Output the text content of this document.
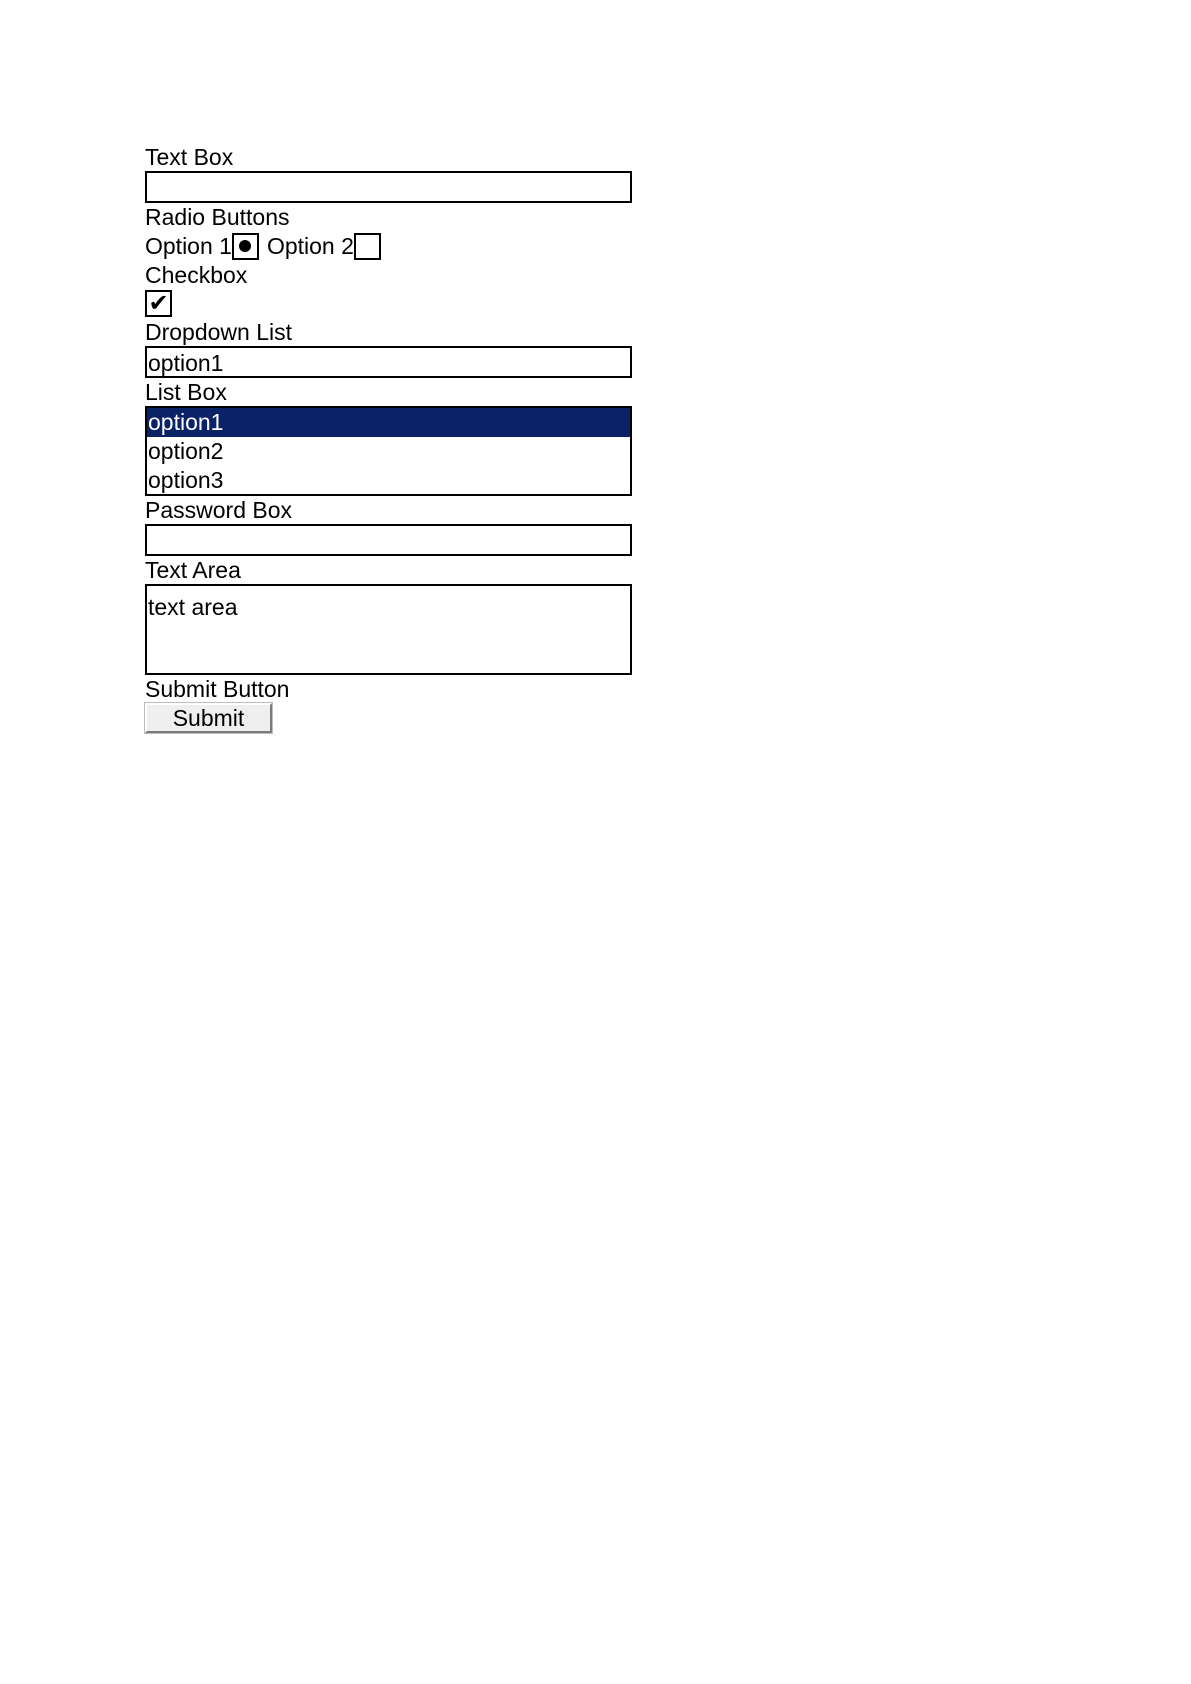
Text Box
Radio Buttons
Option 1 Option 2
Checkbox
✔
Dropdown List
option1
List Box
option1
option2
option3
Password Box
Text Area
text area
Submit Button
Submit
